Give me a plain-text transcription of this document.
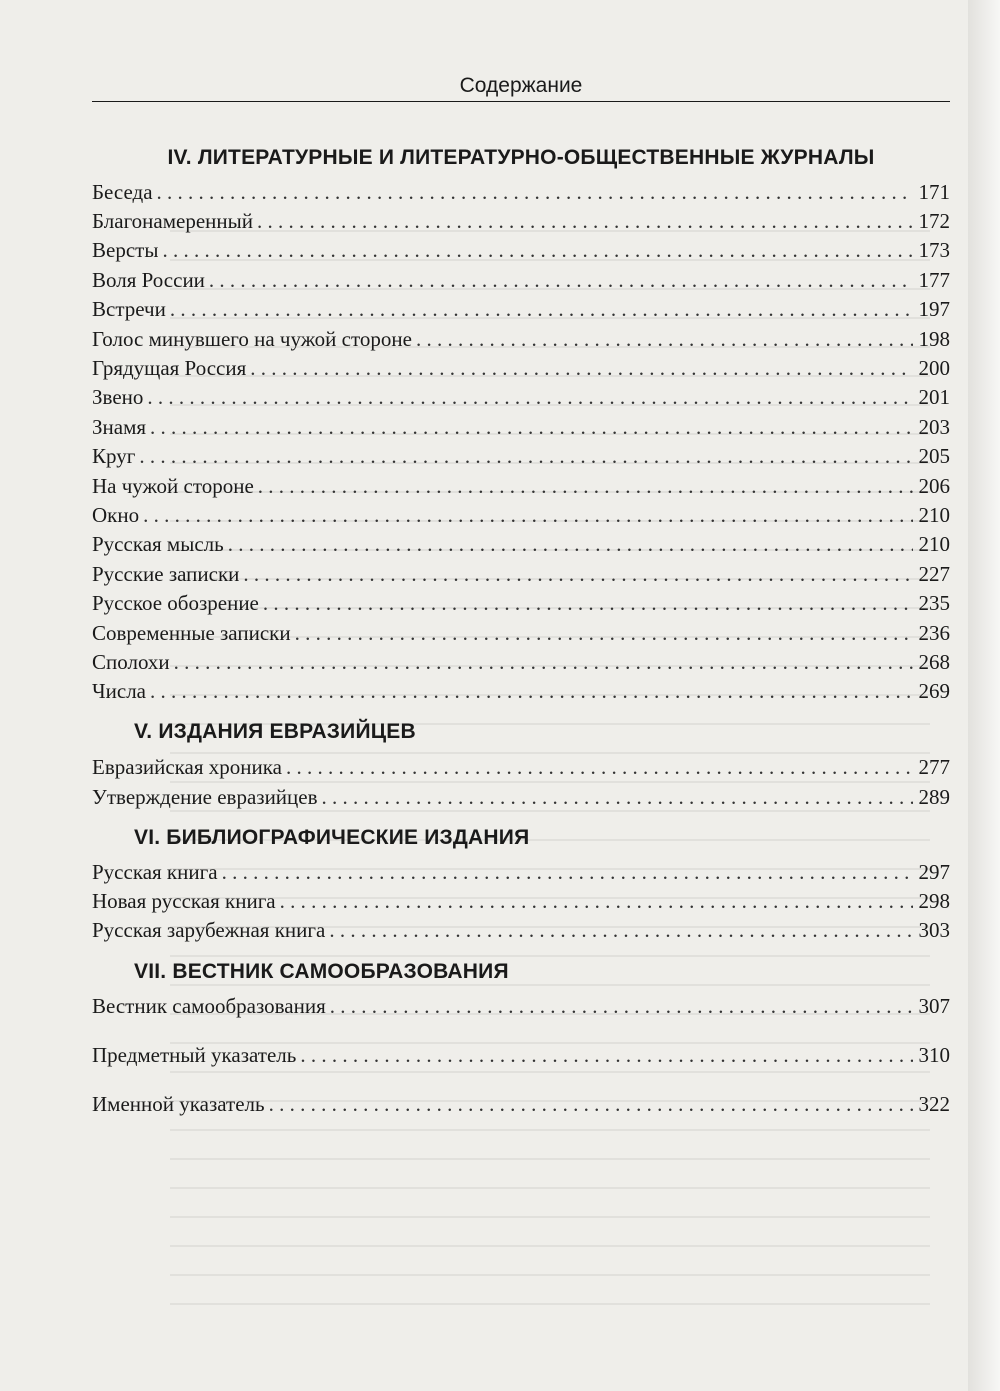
Содержание
IV. ЛИТЕРАТУРНЫЕ И ЛИТЕРАТУРНО-ОБЩЕСТВЕННЫЕ ЖУРНАЛЫ
Беседа . . .	171
Благонамеренный . . .	172
Версты . . .	173
Воля России . . .	177
Встречи . . .	197
Голос минувшего на чужой стороне . . .	198
Грядущая Россия . . .	200
Звено . . .	201
Знамя . . .	203
Круг . . .	205
На чужой стороне . . .	206
Окно . . .	210
Русская мысль . . .	210
Русские записки . . .	227
Русское обозрение . . .	235
Современные записки . . .	236
Сполохи . . .	268
Числа . . .	269
V. ИЗДАНИЯ ЕВРАЗИЙЦЕВ
Евразийская хроника . . .	277
Утверждение евразийцев . . .	289
VI. БИБЛИОГРАФИЧЕСКИЕ ИЗДАНИЯ
Русская книга . . .	297
Новая русская книга . . .	298
Русская зарубежная книга . . .	303
VII. ВЕСТНИК САМООБРАЗОВАНИЯ
Вестник самообразования . . .	307
Предметный указатель . . .	310
Именной указатель . . .	322
